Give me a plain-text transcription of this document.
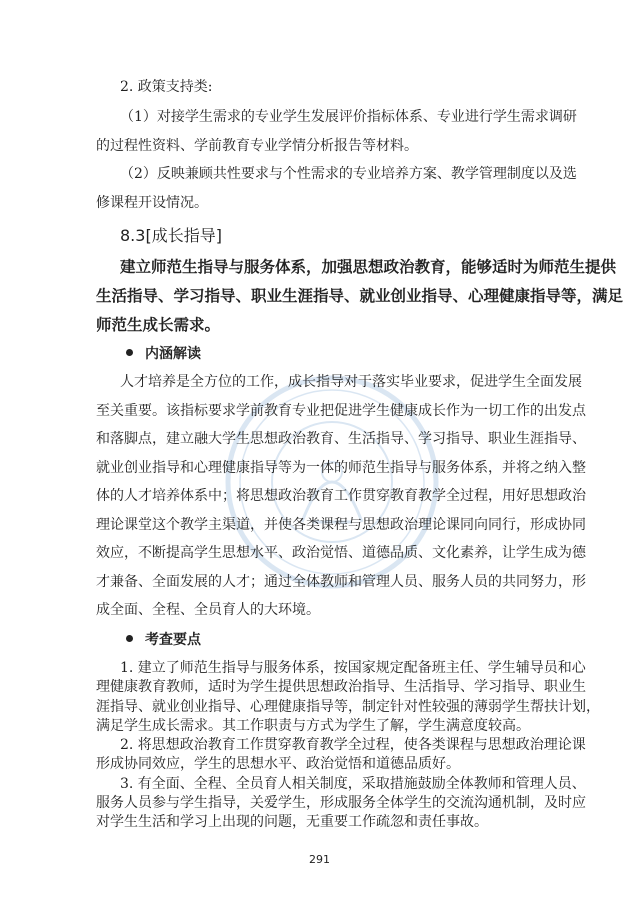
2. 政策支持类:
（1）对接学生需求的专业学生发展评价指标体系、专业进行学生需求调研
的过程性资料、学前教育专业学情分析报告等材料。
（2）反映兼顾共性要求与个性需求的专业培养方案、教学管理制度以及选
修课程开设情况。
8.3[成长指导]
建立师范生指导与服务体系，加强思想政治教育，能够适时为师范生提供
生活指导、学习指导、职业生涯指导、就业创业指导、心理健康指导等，满足
师范生成长需求。
内涵解读
人才培养是全方位的工作，成长指导对于落实毕业要求，促进学生全面发展
至关重要。该指标要求学前教育专业把促进学生健康成长作为一切工作的出发点
和落脚点，建立融大学生思想政治教育、生活指导、学习指导、职业生涯指导、
就业创业指导和心理健康指导等为一体的师范生指导与服务体系，并将之纳入整
体的人才培养体系中；将思想政治教育工作贯穿教育教学全过程，用好思想政治
理论课堂这个教学主渠道，并使各类课程与思想政治理论课同向同行，形成协同
效应，不断提高学生思想水平、政治觉悟、道德品质、文化素养，让学生成为德
才兼备、全面发展的人才；通过全体教师和管理人员、服务人员的共同努力，形
成全面、全程、全员育人的大环境。
考查要点
1. 建立了师范生指导与服务体系，按国家规定配备班主任、学生辅导员和心
理健康教育教师，适时为学生提供思想政治指导、生活指导、学习指导、职业生
涯指导、就业创业指导、心理健康指导等，制定针对性较强的薄弱学生帮扶计划，
满足学生成长需求。其工作职责与方式为学生了解，学生满意度较高。
2. 将思想政治教育工作贯穿教育教学全过程，使各类课程与思想政治理论课
形成协同效应，学生的思想水平、政治觉悟和道德品质好。
3. 有全面、全程、全员育人相关制度，采取措施鼓励全体教师和管理人员、
服务人员参与学生指导，关爱学生，形成服务全体学生的交流沟通机制，及时应
对学生生活和学习上出现的问题，无重要工作疏忽和责任事故。
291
